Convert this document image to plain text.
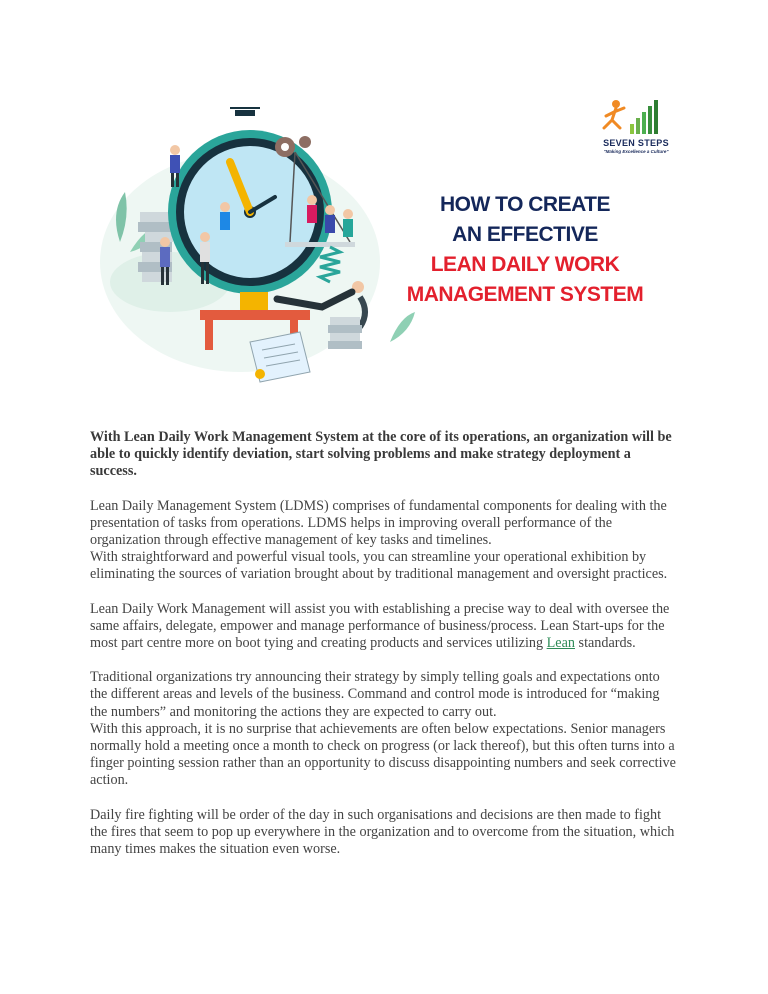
SEVEN STEPS
"Making Excellence a Culture"
HOW TO CREATE
AN EFFECTIVE
LEAN DAILY WORK
MANAGEMENT SYSTEM

With Lean Daily Work Management System at the core of its operations, an organization will be able to quickly identify deviation, start solving problems and make strategy deployment a success.

Lean Daily Management System (LDMS) comprises of fundamental components for dealing with the presentation of tasks from operations. LDMS helps in improving overall performance of the organization through effective management of key tasks and timelines.

With straightforward and powerful visual tools, you can streamline your operational exhibition by eliminating the sources of variation brought about by traditional management and oversight practices.

Lean Daily Work Management will assist you with establishing a precise way to deal with oversee the same affairs, delegate, empower and manage performance of business/process. Lean Start-ups for the most part centre more on boot tying and creating products and services utilizing Lean standards.

Traditional organizations try announcing their strategy by simply telling goals and expectations onto the different areas and levels of the business. Command and control mode is introduced for “making the numbers” and monitoring the actions they are expected to carry out.

With this approach, it is no surprise that achievements are often below expectations. Senior managers normally hold a meeting once a month to check on progress (or lack thereof), but this often turns into a finger pointing session rather than an opportunity to discuss disappointing numbers and seek corrective action.

Daily fire fighting will be order of the day in such organisations and decisions are then made to fight the fires that seem to pop up everywhere in the organization and to overcome from the situation, which many times makes the situation even worse.
